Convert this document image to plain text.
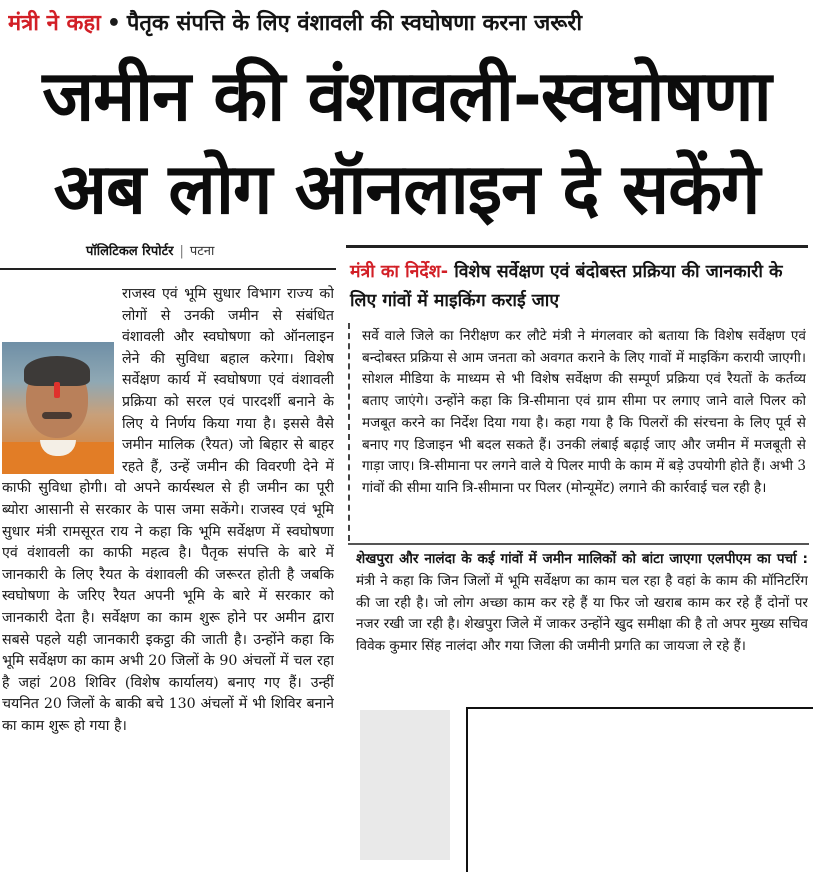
मंत्री ने कहा • पैतृक संपत्ति के लिए वंशावली की स्वघोषणा करना जरूरी
जमीन की वंशावली-स्वघोषणा
अब लोग ऑनलाइन दे सकेंगे
पॉलिटिकल रिपोर्टर | पटना
राजस्व एवं भूमि सुधार विभाग राज्य को लोगों से उनकी जमीन से संबंधित वंशावली और स्वघोषणा को ऑनलाइन लेने की सुविधा बहाल करेगा। विशेष सर्वेक्षण कार्य में स्वघोषणा एवं वंशावली प्रक्रिया को सरल एवं पारदर्शी बनाने के लिए ये निर्णय किया गया है। इससे वैसे जमीन मालिक (रैयत) जो बिहार से बाहर रहते हैं, उन्हें जमीन की विवरणी देने में काफी सुविधा होगी। वो अपने कार्यस्थल से ही जमीन का पूरी ब्योरा आसानी से सरकार के पास जमा सकेंगे। राजस्व एवं भूमि सुधार मंत्री रामसूरत राय ने कहा कि भूमि सर्वेक्षण में स्वघोषणा एवं वंशावली का काफी महत्व है। पैतृक संपत्ति के बारे में जानकारी के लिए रैयत के वंशावली की जरूरत होती है जबकि स्वघोषणा के जरिए रैयत अपनी भूमि के बारे में सरकार को जानकारी देता है। सर्वेक्षण का काम शुरू होने पर अमीन द्वारा सबसे पहले यही जानकारी इकट्ठा की जाती है। उन्होंने कहा कि भूमि सर्वेक्षण का काम अभी 20 जिलों के 90 अंचलों में चल रहा है जहां 208 शिविर (विशेष कार्यालय) बनाए गए हैं। उन्हीं चयनित 20 जिलों के बाकी बचे 130 अंचलों में भी शिविर बनाने का काम शुरू हो गया है।
मंत्री का निर्देश- विशेष सर्वेक्षण एवं बंदोबस्त प्रक्रिया की जानकारी के लिए गांवों में माइकिंग कराई जाए
सर्वे वाले जिले का निरीक्षण कर लौटे मंत्री ने मंगलवार को बताया कि विशेष सर्वेक्षण एवं बन्दोबस्त प्रक्रिया से आम जनता को अवगत कराने के लिए गावों में माइकिंग करायी जाएगी। सोशल मीडिया के माध्यम से भी विशेष सर्वेक्षण की सम्पूर्ण प्रक्रिया एवं रैयतों के कर्तव्य बताए जाएंगे। उन्होंने कहा कि त्रि-सीमाना एवं ग्राम सीमा पर लगाए जाने वाले पिलर को मजबूत करने का निर्देश दिया गया है। कहा गया है कि पिलरों की संरचना के लिए पूर्व से बनाए गए डिजाइन भी बदल सकते हैं। उनकी लंबाई बढ़ाई जाए और जमीन में मजबूती से गाड़ा जाए। त्रि-सीमाना पर लगने वाले ये पिलर मापी के काम में बड़े उपयोगी होते हैं। अभी 3 गांवों की सीमा यानि त्रि-सीमाना पर पिलर (मोन्यूमेंट) लगाने की कार्रवाई चल रही है।
शेखपुरा और नालंदा के कई गांवों में जमीन मालिकों को बांटा जाएगा एलपीएम का पर्चा : मंत्री ने कहा कि जिन जिलों में भूमि सर्वेक्षण का काम चल रहा है वहां के काम की मॉनिटरिंग की जा रही है। जो लोग अच्छा काम कर रहे हैं या फिर जो खराब काम कर रहे हैं दोनों पर नजर रखी जा रही है। शेखपुरा जिले में जाकर उन्होंने खुद समीक्षा की है तो अपर मुख्य सचिव विवेक कुमार सिंह नालंदा और गया जिला की जमीनी प्रगति का जायजा ले रहे हैं।
